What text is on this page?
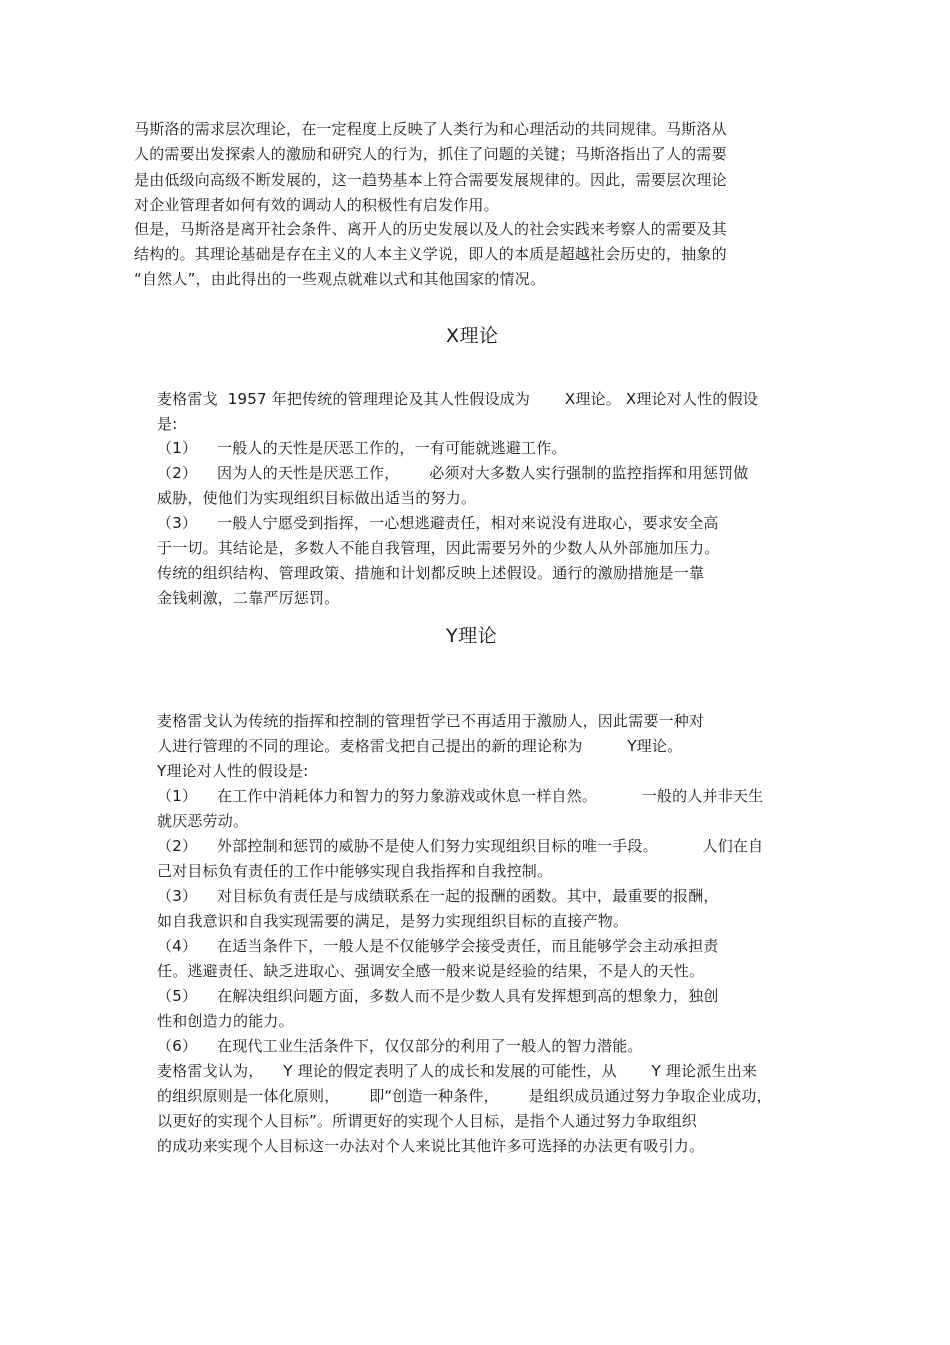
马斯洛的需求层次理论，在一定程度上反映了人类行为和心理活动的共同规律。马斯洛从
人的需要出发探索人的激励和研究人的行为，抓住了问题的关键；马斯洛指出了人的需要
是由低级向高级不断发展的，这一趋势基本上符合需要发展规律的。因此，需要层次理论
对企业管理者如何有效的调动人的积极性有启发作用。
但是，马斯洛是离开社会条件、离开人的历史发展以及人的社会实践来考察人的需要及其
结构的。其理论基础是存在主义的人本主义学说，即人的本质是超越社会历史的，抽象的
“自然人”，由此得出的一些观点就难以式和其他国家的情况。
X理论
麦格雷戈  1957 年把传统的管理理论及其人性假设成为       X理论。 X理论对人性的假设
是:
（1）    一般人的天性是厌恶工作的，一有可能就逃避工作。
（2）    因为人的天性是厌恶工作，      必须对大多数人实行强制的监控指挥和用惩罚做
威胁，使他们为实现组织目标做出适当的努力。
（3）    一般人宁愿受到指挥，一心想逃避责任，相对来说没有进取心，要求安全高
于一切。其结论是，多数人不能自我管理，因此需要另外的少数人从外部施加压力。
传统的组织结构、管理政策、措施和计划都反映上述假设。通行的激励措施是一靠
金钱刺激，二靠严厉惩罚。
Y理论
麦格雷戈认为传统的指挥和控制的管理哲学已不再适用于激励人，因此需要一种对
人进行管理的不同的理论。麦格雷戈把自己提出的新的理论称为         Y理论。
Y理论对人性的假设是:
（1）    在工作中消耗体力和智力的努力象游戏或休息一样自然。         一般的人并非天生
就厌恶劳动。
（2）    外部控制和惩罚的威胁不是使人们努力实现组织目标的唯一手段。         人们在自
己对目标负有责任的工作中能够实现自我指挥和自我控制。
（3）    对目标负有责任是与成绩联系在一起的报酬的函数。其中，最重要的报酬，
如自我意识和自我实现需要的满足，是努力实现组织目标的直接产物。
（4）    在适当条件下，一般人是不仅能够学会接受责任，而且能够学会主动承担责
任。逃避责任、缺乏进取心、强调安全感一般来说是经验的结果，不是人的天性。
（5）    在解决组织问题方面，多数人而不是少数人具有发挥想到高的想象力，独创
性和创造力的能力。
（6）    在现代工业生活条件下，仅仅部分的利用了一般人的智力潜能。
麦格雷戈认为，    Y 理论的假定表明了人的成长和发展的可能性，从       Y 理论派生出来
的组织原则是一体化原则，      即“创造一种条件，      是组织成员通过努力争取企业成功，
以更好的实现个人目标”。所谓更好的实现个人目标，是指个人通过努力争取组织
的成功来实现个人目标这一办法对个人来说比其他许多可选择的办法更有吸引力。
